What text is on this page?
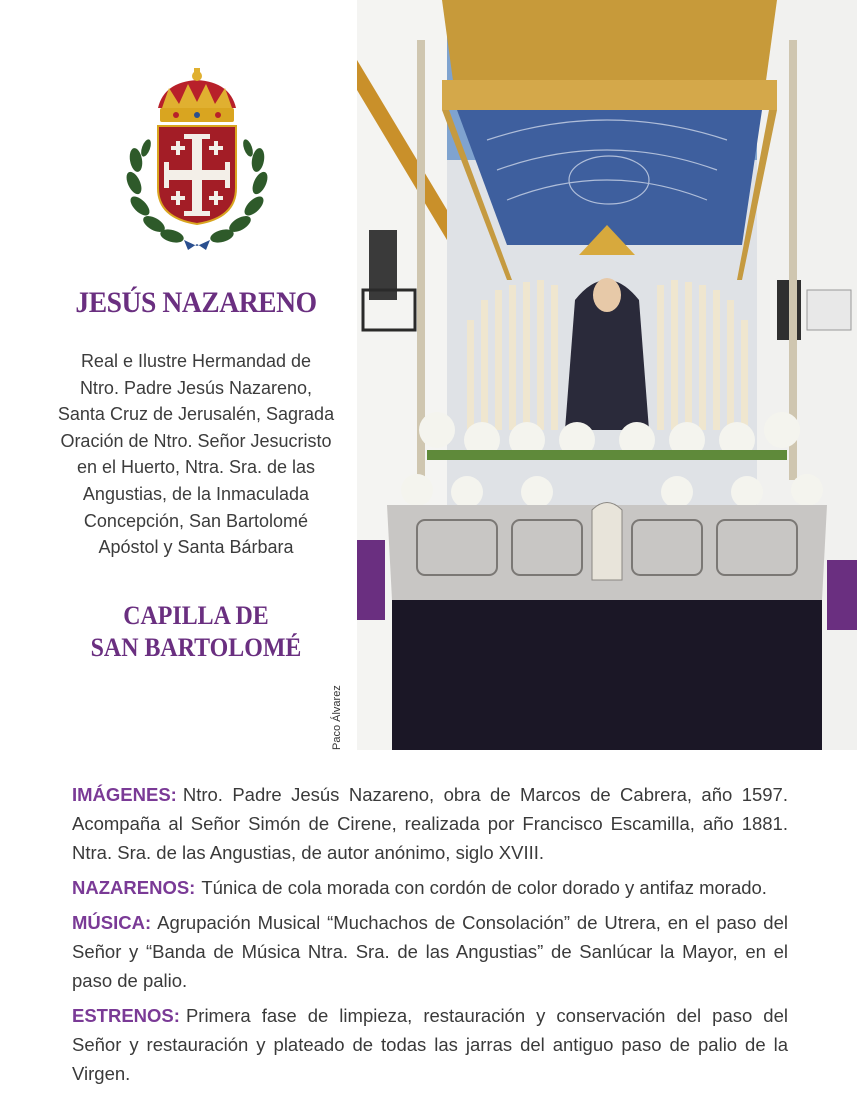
JESÚS NAZARENO
Real e Ilustre Hermandad de
Ntro. Padre Jesús Nazareno,
Santa Cruz de Jerusalén, Sagrada
Oración de Ntro. Señor Jesucristo
en el Huerto, Ntra. Sra. de las
Angustias, de la Inmaculada
Concepción, San Bartolomé
Apóstol y Santa Bárbara
CAPILLA DE
SAN BARTOLOMÉ
Paco Álvarez

IMÁGENES: Ntro. Padre Jesús Nazareno, obra de Marcos de Cabrera, año 1597. Acompaña al Señor Simón de Cirene, realizada por Francisco Escamilla, año 1881. Ntra. Sra. de las Angustias, de autor anónimo, siglo XVIII.

NAZARENOS: Túnica de cola morada con cordón de color dorado y antifaz morado.

MÚSICA: Agrupación Musical “Muchachos de Consolación” de Utrera, en el paso del Señor y “Banda de Música Ntra. Sra. de las Angustias” de Sanlúcar la Mayor, en el paso de palio.

ESTRENOS: Primera fase de limpieza, restauración y conservación del paso del Señor y restauración y plateado de todas las jarras del antiguo paso de palio de la Virgen.
